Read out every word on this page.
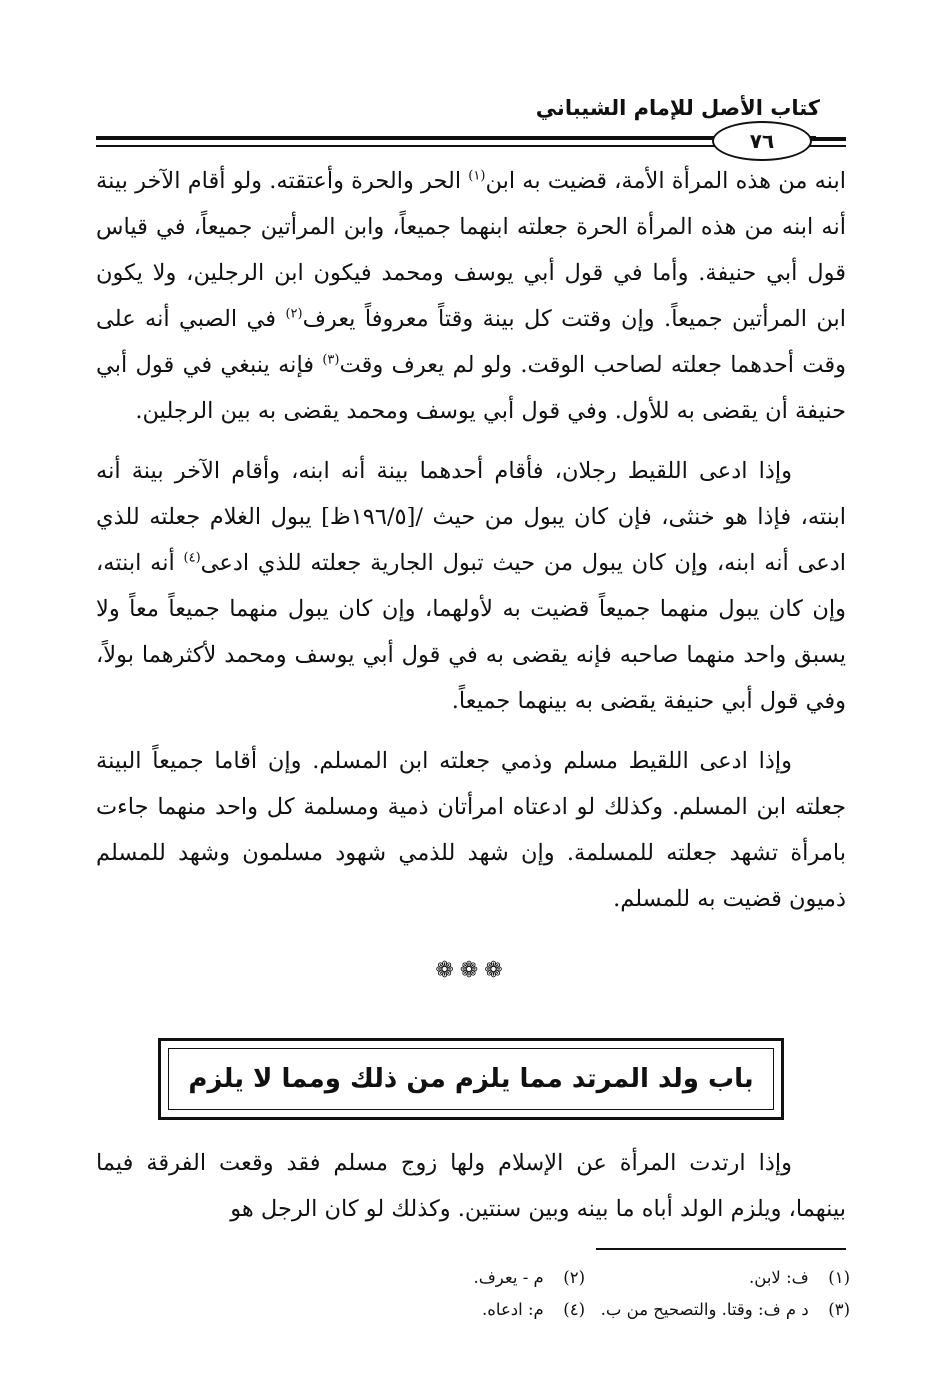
كتاب الأصل للإمام الشيباني
٧٦

ابنه من هذه المرأة الأمة، قضيت به ابن$^{(١)}$ الحر والحرة وأعتقته. ولو أقام الآخر بينة أنه ابنه من هذه المرأة الحرة جعلته ابنهما جميعاً، وابن المرأتين جميعاً، في قياس قول أبي حنيفة. وأما في قول أبي يوسف ومحمد فيكون ابن الرجلين، ولا يكون ابن المرأتين جميعاً. وإن وقتت كل بينة وقتاً معروفاً يعرف$^{(٢)}$ في الصبي أنه على وقت أحدهما جعلته لصاحب الوقت. ولو لم يعرف وقت$^{(٣)}$ فإنه ينبغي في قول أبي حنيفة أن يقضى به للأول. وفي قول أبي يوسف ومحمد يقضى به بين الرجلين.

وإذا ادعى اللقيط رجلان، فأقام أحدهما بينة أنه ابنه، وأقام الآخر بينة أنه ابنته، فإذا هو خنثى، فإن كان يبول من حيث /[١٩٦/٥ظ] يبول الغلام جعلته للذي ادعى أنه ابنه، وإن كان يبول من حيث تبول الجارية جعلته للذي ادعى$^{(٤)}$ أنه ابنته، وإن كان يبول منهما جميعاً قضيت به لأولهما، وإن كان يبول منهما جميعاً معاً ولا يسبق واحد منهما صاحبه فإنه يقضى به في قول أبي يوسف ومحمد لأكثرهما بولاً، وفي قول أبي حنيفة يقضى به بينهما جميعاً.

وإذا ادعى اللقيط مسلم وذمي جعلته ابن المسلم. وإن أقاما جميعاً البينة جعلته ابن المسلم. وكذلك لو ادعتاه امرأتان ذمية ومسلمة كل واحد منهما جاءت بامرأة تشهد جعلته للمسلمة. وإن شهد للذمي شهود مسلمون وشهد للمسلم ذميون قضيت به للمسلم.

❁❁❁
باب ولد المرتد مما يلزم من ذلك ومما لا يلزم

وإذا ارتدت المرأة عن الإسلام ولها زوج مسلم فقد وقعت الفرقة فيما بينهما، ويلزم الولد أباه ما بينه وبين سنتين. وكذلك لو كان الرجل هو

(١) ف: لابن.
(٢) م - يعرف.
(٣) د م ف: وقتا. والتصحيح من ب.
(٤) م: ادعاه.
